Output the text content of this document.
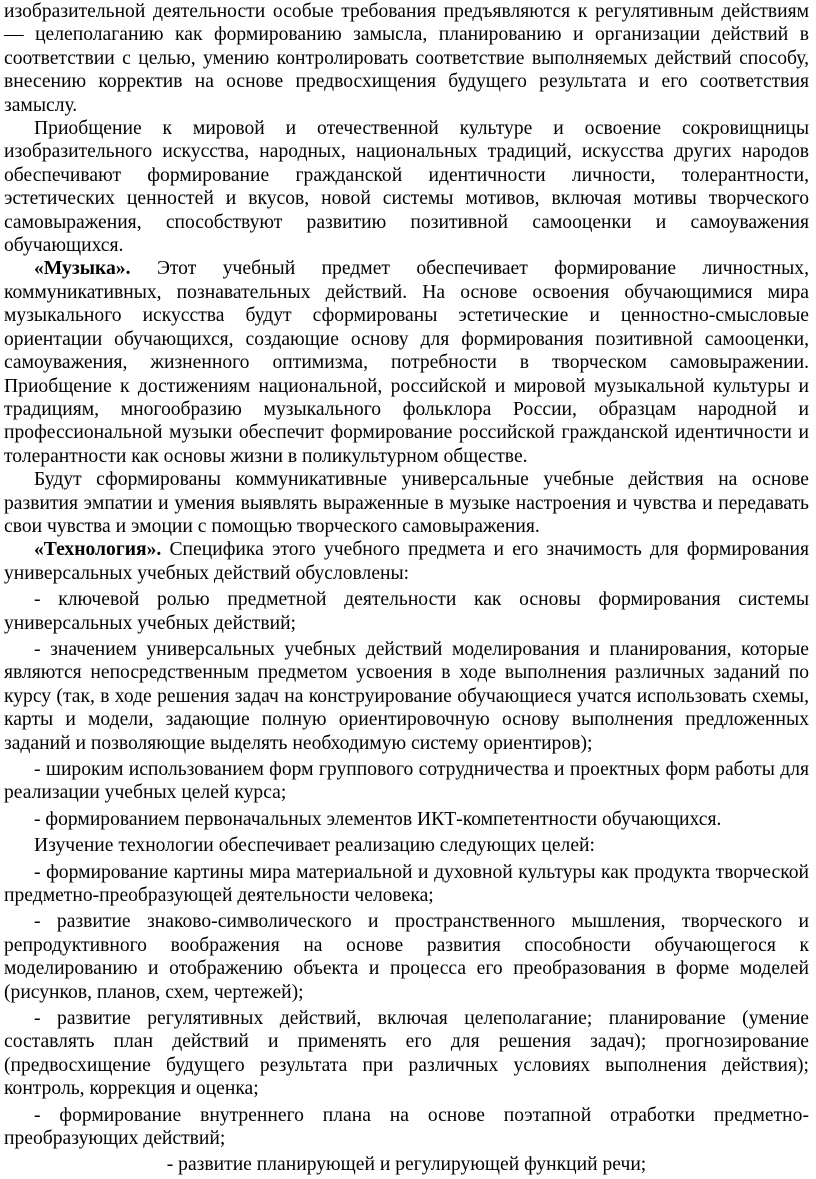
изобразительной деятельности особые требования предъявляются к регулятивным действиям — целеполаганию как формированию замысла, планированию и организации действий в соответствии с целью, умению контролировать соответствие выполняемых действий способу, внесению корректив на основе предвосхищения будущего результата и его соответствия замыслу.

Приобщение к мировой и отечественной культуре и освоение сокровищницы изобразительного искусства, народных, национальных традиций, искусства других народов обеспечивают формирование гражданской идентичности личности, толерантности, эстетических ценностей и вкусов, новой системы мотивов, включая мотивы творческого самовыражения, способствуют развитию позитивной самооценки и самоуважения обучающихся.

«Музыка». Этот учебный предмет обеспечивает формирование личностных, коммуникативных, познавательных действий. На основе освоения обучающимися мира музыкального искусства будут сформированы эстетические и ценностно-смысловые ориентации обучающихся, создающие основу для формирования позитивной самооценки, самоуважения, жизненного оптимизма, потребности в творческом самовыражении. Приобщение к достижениям национальной, российской и мировой музыкальной культуры и традициям, многообразию музыкального фольклора России, образцам народной и профессиональной музыки обеспечит формирование российской гражданской идентичности и толерантности как основы жизни в поликультурном обществе.

Будут сформированы коммуникативные универсальные учебные действия на основе развития эмпатии и умения выявлять выраженные в музыке настроения и чувства и передавать свои чувства и эмоции с помощью творческого самовыражения.

«Технология». Специфика этого учебного предмета и его значимость для формирования универсальных учебных действий обусловлены:

- ключевой ролью предметной деятельности как основы формирования системы универсальных учебных действий;

- значением универсальных учебных действий моделирования и планирования, которые являются непосредственным предметом усвоения в ходе выполнения различных заданий по курсу (так, в ходе решения задач на конструирование обучающиеся учатся использовать схемы, карты и модели, задающие полную ориентировочную основу выполнения предложенных заданий и позволяющие выделять необходимую систему ориентиров);

- широким использованием форм группового сотрудничества и проектных форм работы для реализации учебных целей курса;

- формированием первоначальных элементов ИКТ-компетентности обучающихся.

Изучение технологии обеспечивает реализацию следующих целей:

- формирование картины мира материальной и духовной культуры как продукта творческой предметно-преобразующей деятельности человека;

- развитие знаково-символического и пространственного мышления, творческого и репродуктивного воображения на основе развития способности обучающегося к моделированию и отображению объекта и процесса его преобразования в форме моделей (рисунков, планов, схем, чертежей);

- развитие регулятивных действий, включая целеполагание; планирование (умение составлять план действий и применять его для решения задач); прогнозирование (предвосхищение будущего результата при различных условиях выполнения действия); контроль, коррекция и оценка;

- формирование внутреннего плана на основе поэтапной отработки предметно-преобразующих действий;

- развитие планирующей и регулирующей функций речи;
